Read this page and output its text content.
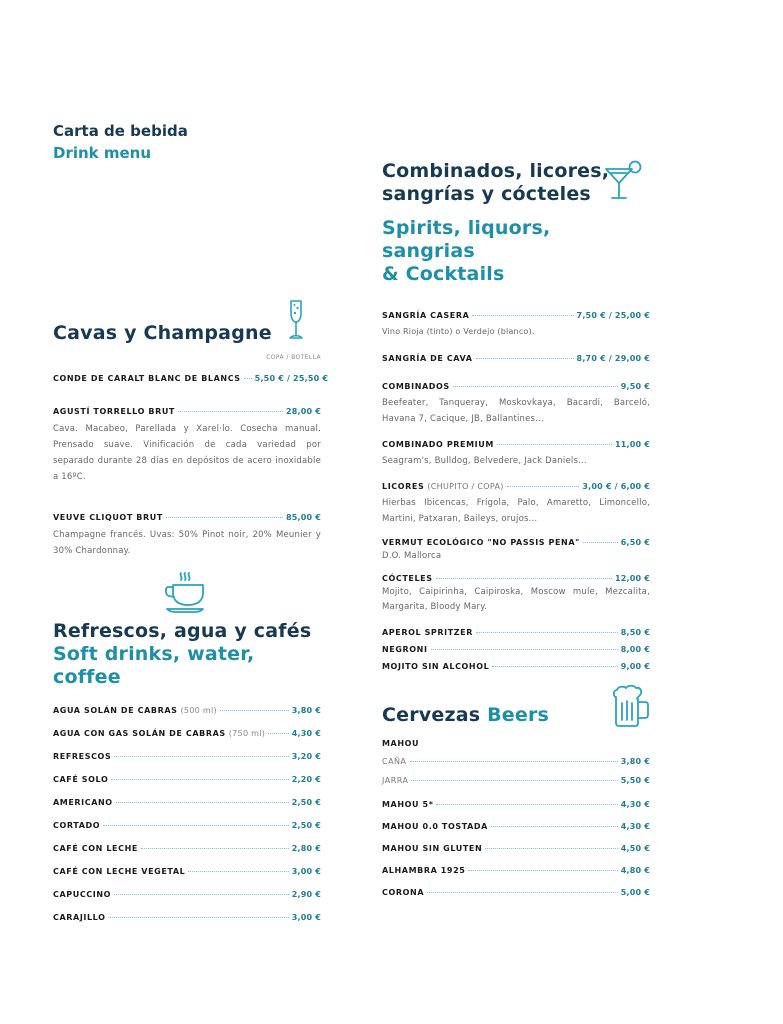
Carta de bebida
Drink menu
Cavas y Champagne
COPA / BOTELLA
CONDE DE CARALT BLANC DE BLANCS 5,50 € / 25,50 €
AGUSTÍ TORRELLO BRUT	28,00 €
Cava. Macabeo, Parellada y Xarel·lo. Cosecha manual. Prensado suave. Vinificación de cada variedad por separado durante 28 días en depósitos de acero inoxidable a 16ºC.
VEUVE CLIQUOT BRUT	85,00 €
Champagne francés. Uvas: 50% Pinot noir, 20% Meunier y 30% Chardonnay.
Refrescos, agua y cafés
Soft drinks, water, coffee
AGUA SOLÁN DE CABRAS (500 ml)	3,80 €
AGUA CON GAS SOLÁN DE CABRAS (750 ml)	4,30 €
REFRESCOS	3,20 €
CAFÉ SOLO	2,20 €
AMERICANO	2,50 €
CORTADO	2,50 €
CAFÉ CON LECHE	2,80 €
CAFÉ CON LECHE VEGETAL	3,00 €
CAPUCCINO	2,90 €
CARAJILLO	3,00 €
Combinados, licores,
sangrías y cócteles
Spirits, liquors, sangrias
& Cocktails
SANGRÍA CASERA	7,50 € / 25,00 €
Vino Rioja (tinto) o Verdejo (blanco).
SANGRÍA DE CAVA	8,70 € / 29,00 €
COMBINADOS	9,50 €
Beefeater, Tanqueray, Moskovkaya, Bacardi, Barceló, Havana 7, Cacique, JB, Ballantines...
COMBINADO PREMIUM	11,00 €
Seagram's, Bulldog, Belvedere, Jack Daniels...
LICORES (CHUPITO / COPA)	3,00 € / 6,00 €
Hierbas Ibicencas, Frígola, Palo, Amaretto, Limoncello, Martini, Patxaran, Baileys, orujos...
VERMUT ECOLÓGICO "NO PASSIS PENA"	6,50 €
D.O. Mallorca
CÓCTELES	12,00 €
Mojito, Caipirinha, Caipiroska, Moscow mule, Mezcalita, Margarita, Bloody Mary.
APEROL SPRITZER	8,50 €
NEGRONI	8,00 €
MOJITO SIN ALCOHOL	9,00 €
Cervezas Beers
MAHOU
CAÑA	3,80 €
JARRA	5,50 €
MAHOU 5*	4,30 €
MAHOU 0.0 TOSTADA	4,30 €
MAHOU SIN GLUTEN	4,50 €
ALHAMBRA 1925	4,80 €
CORONA	5,00 €
